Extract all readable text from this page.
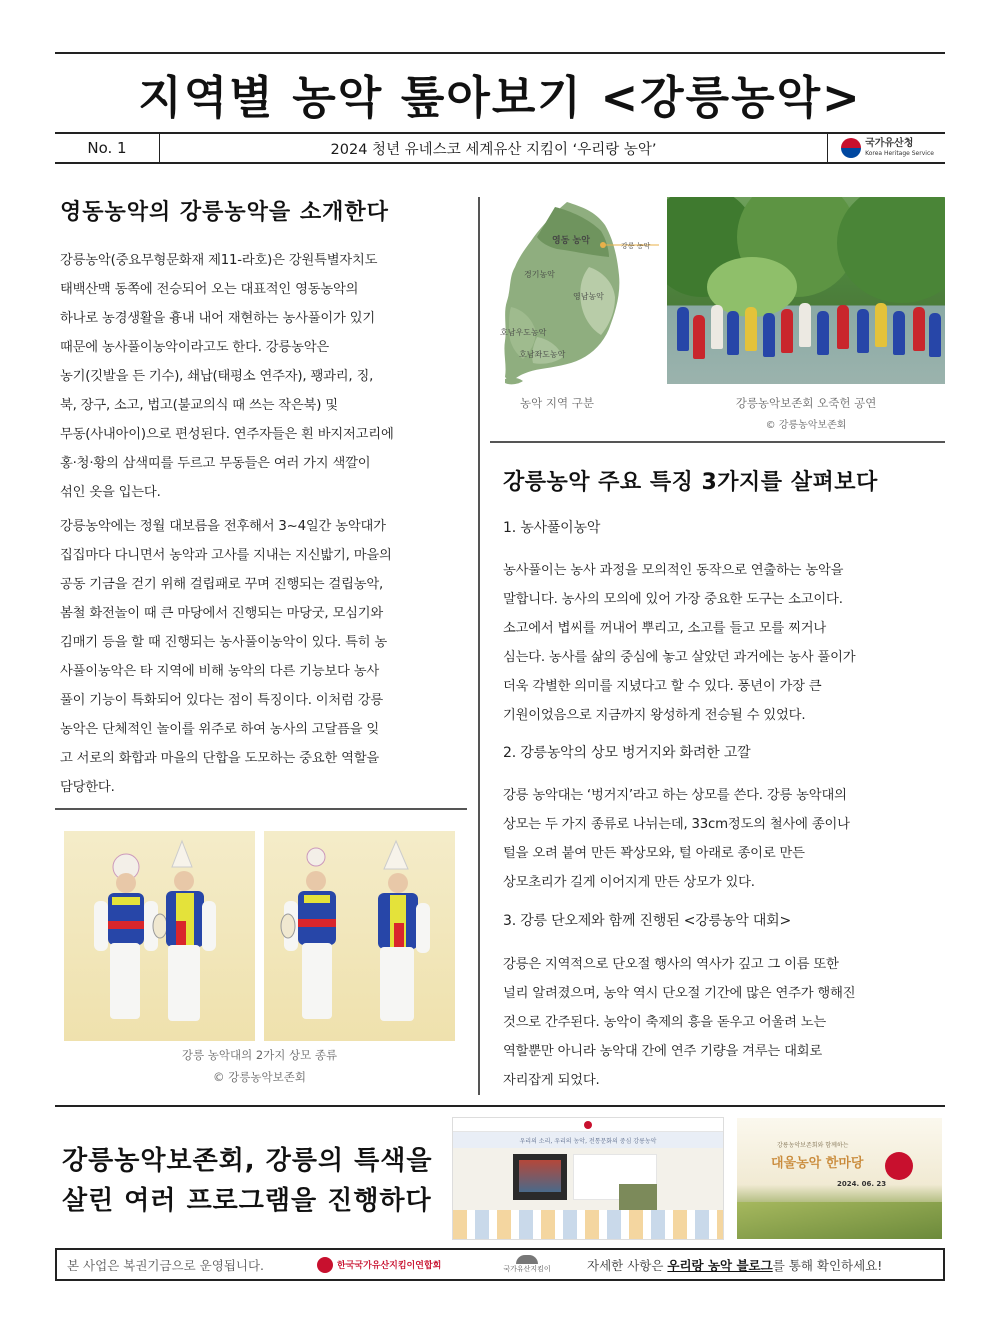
지역별 농악 톺아보기 <강릉농악>
No. 1	2024 청년 유네스코 세계유산 지킴이 ‘우리랑 농악’	국가유산청
Korea Heritage Service
영동농악의 강릉농악을 소개한다
강릉농악(중요무형문화재 제11-라호)은 강원특별자치도
태백산맥 동쪽에 전승되어 오는 대표적인 영동농악의
하나로 농경생활을 흉내 내어 재현하는 농사풀이가 있기
때문에 농사풀이농악이라고도 한다. 강릉농악은
농기(깃발을 든 기수), 쇄납(태평소 연주자), 꽹과리, 징,
북, 장구, 소고, 법고(불교의식 때 쓰는 작은북) 및
무동(사내아이)으로 편성된다. 연주자들은 흰 바지저고리에
홍·청·황의 삼색띠를 두르고 무동들은 여러 가지 색깔이
섞인 옷을 입는다.
강릉농악에는 정월 대보름을 전후해서 3~4일간 농악대가
집집마다 다니면서 농악과 고사를 지내는 지신밟기, 마을의
공동 기금을 걷기 위해 걸립패로 꾸며 진행되는 걸립농악,
봄철 화전놀이 때 큰 마당에서 진행되는 마당굿, 모심기와
김매기 등을 할 때 진행되는 농사풀이농악이 있다. 특히 농
사풀이농악은 타 지역에 비해 농악의 다른 기능보다 농사
풀이 기능이 특화되어 있다는 점이 특징이다. 이처럼 강릉
농악은 단체적인 놀이를 위주로 하여 농사의 고달픔을 잊
고 서로의 화합과 마을의 단합을 도모하는 중요한 역할을
담당한다.
강릉 농악대의 2가지 상모 종류
© 강릉농악보존회
영동 농악	강릉 농악
경기농악
영남농악
호남우도농악
호남좌도농악
농악 지역 구분	강릉농악보존회 오죽헌 공연
© 강릉농악보존회
강릉농악 주요 특징 3가지를 살펴보다
1. 농사풀이농악
농사풀이는 농사 과정을 모의적인 동작으로 연출하는 농악을
말합니다. 농사의 모의에 있어 가장 중요한 도구는 소고이다.
소고에서 볍씨를 꺼내어 뿌리고, 소고를 들고 모를 찌거나
심는다. 농사를 삶의 중심에 놓고 살았던 과거에는 농사 풀이가
더욱 각별한 의미를 지녔다고 할 수 있다. 풍년이 가장 큰
기원이었음으로 지금까지 왕성하게 전승될 수 있었다.
2. 강릉농악의 상모 벙거지와 화려한 고깔
강릉 농악대는 ‘벙거지’라고 하는 상모를 쓴다. 강릉 농악대의
상모는 두 가지 종류로 나뉘는데, 33cm정도의 철사에 종이나
털을 오려 붙여 만든 꽉상모와, 털 아래로 종이로 만든
상모초리가 길게 이어지게 만든 상모가 있다.
3. 강릉 단오제와 함께 진행된 <강릉농악 대회>
강릉은 지역적으로 단오절 행사의 역사가 깊고 그 이름 또한
널리 알려졌으며, 농악 역시 단오절 기간에 많은 연주가 행해진
것으로 간주된다. 농악이 축제의 흥을 돋우고 어울려 노는
역할뿐만 아니라 농악대 간에 연주 기량을 겨루는 대회로
자리잡게 되었다.
강릉농악보존회, 강릉의 특색을
살린 여러 프로그램을 진행하다
우리의 소리, 우리의 농악, 전통문화의 중심 강릉농악
강릉농악보존회와 함께하는
대울농악 한마당
2024. 06. 23
본 사업은 복권기금으로 운영됩니다.	한국국가유산지킴이연합회	국가유산지킴이	자세한 사항은 우리랑 농악 블로그를 통해 확인하세요!
